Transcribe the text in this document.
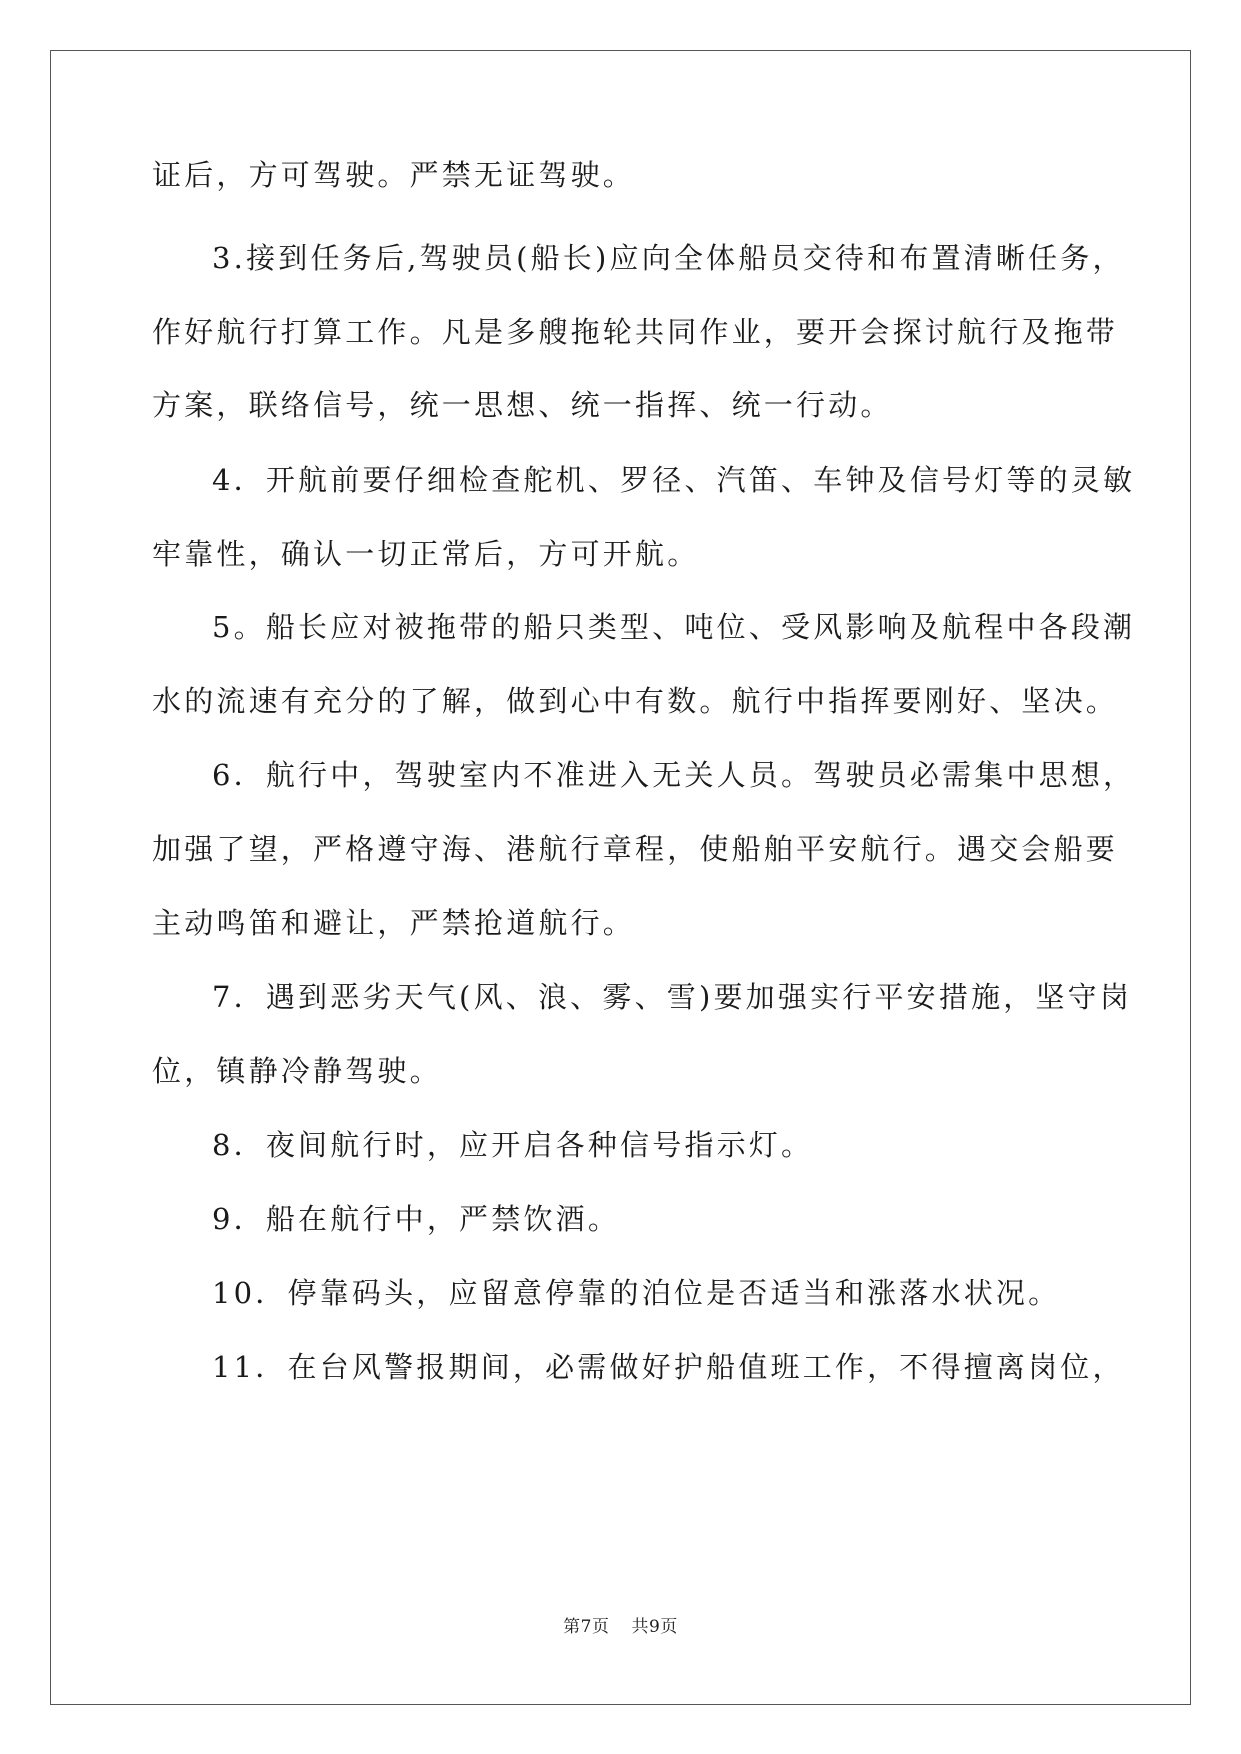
证后，方可驾驶。严禁无证驾驶。
3.接到任务后,驾驶员(船长)应向全体船员交待和布置清晰任务，
作好航行打算工作。凡是多艘拖轮共同作业，要开会探讨航行及拖带
方案，联络信号，统一思想、统一指挥、统一行动。
4．开航前要仔细检查舵机、罗径、汽笛、车钟及信号灯等的灵敏
牢靠性，确认一切正常后，方可开航。
5。船长应对被拖带的船只类型、吨位、受风影响及航程中各段潮
水的流速有充分的了解，做到心中有数。航行中指挥要刚好、坚决。
6．航行中，驾驶室内不准进入无关人员。驾驶员必需集中思想，
加强了望，严格遵守海、港航行章程，使船舶平安航行。遇交会船要
主动鸣笛和避让，严禁抢道航行。
7．遇到恶劣天气(风、浪、雾、雪)要加强实行平安措施，坚守岗
位，镇静冷静驾驶。
8．夜间航行时，应开启各种信号指示灯。
9．船在航行中，严禁饮酒。
10．停靠码头，应留意停靠的泊位是否适当和涨落水状况。
11．在台风警报期间，必需做好护船值班工作，不得擅离岗位，
第7页 共9页
